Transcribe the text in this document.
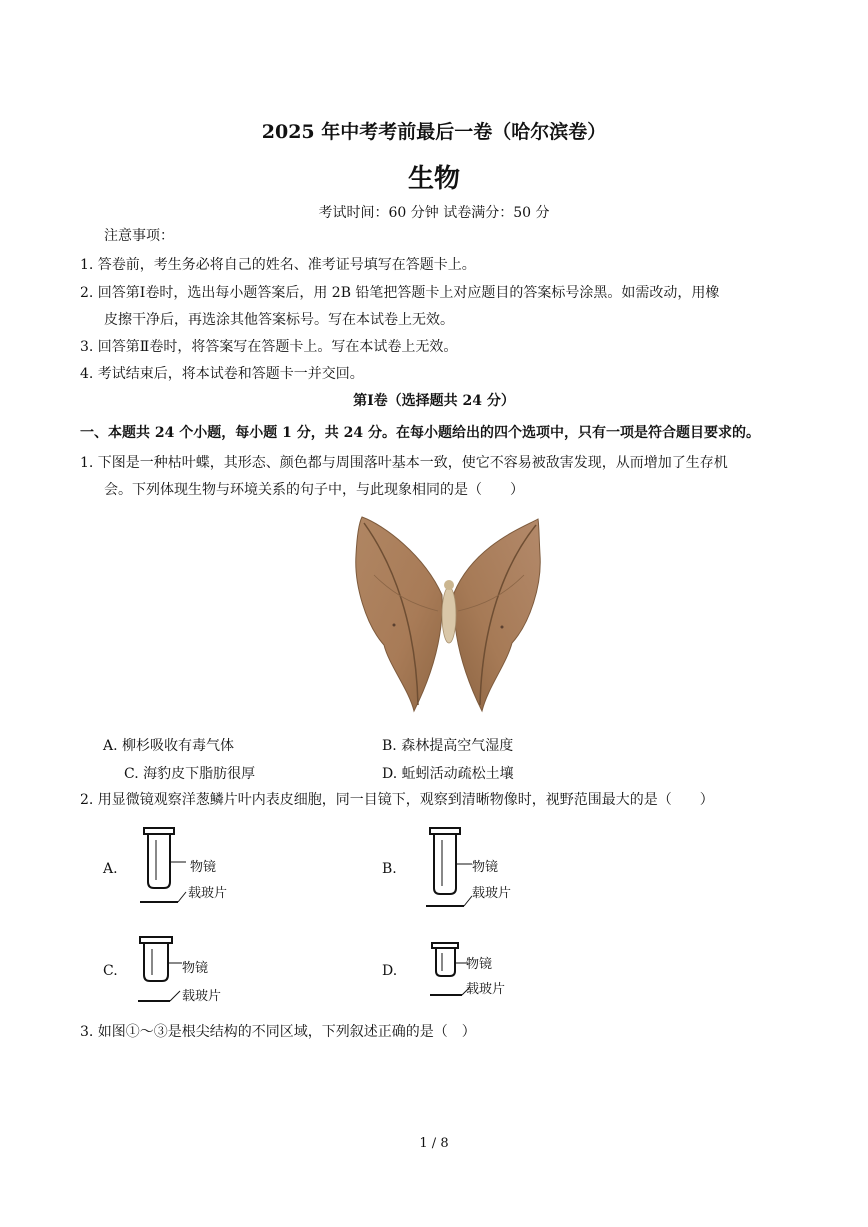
2025 年中考考前最后一卷（哈尔滨卷）
生物
考试时间：60 分钟 试卷满分：50 分
注意事项：
1. 答卷前，考生务必将自己的姓名、准考证号填写在答题卡上。
2. 回答第Ⅰ卷时，选出每小题答案后，用 2B 铅笔把答题卡上对应题目的答案标号涂黑。如需改动，用橡
皮擦干净后，再选涂其他答案标号。写在本试卷上无效。
3. 回答第Ⅱ卷时，将答案写在答题卡上。写在本试卷上无效。
4. 考试结束后，将本试卷和答题卡一并交回。
第Ⅰ卷（选择题共 24 分）
一、本题共 24 个小题，每小题 1 分，共 24 分。在每小题给出的四个选项中，只有一项是符合题目要求的。
1. 下图是一种枯叶蝶，其形态、颜色都与周围落叶基本一致，使它不容易被敌害发现，从而增加了生存机
会。下列体现生物与环境关系的句子中，与此现象相同的是（　　）
A. 柳杉吸收有毒气体	B. 森林提高空气湿度
C. 海豹皮下脂肪很厚	D. 蚯蚓活动疏松土壤
2. 用显微镜观察洋葱鳞片叶内表皮细胞，同一目镜下，观察到清晰物像时，视野范围最大的是（　　）
A.	物镜
载玻片
B.	物镜
载玻片
C.	物镜
载玻片
D.	物镜
载玻片
3. 如图①～③是根尖结构的不同区域，下列叙述正确的是（　）
1 / 8
